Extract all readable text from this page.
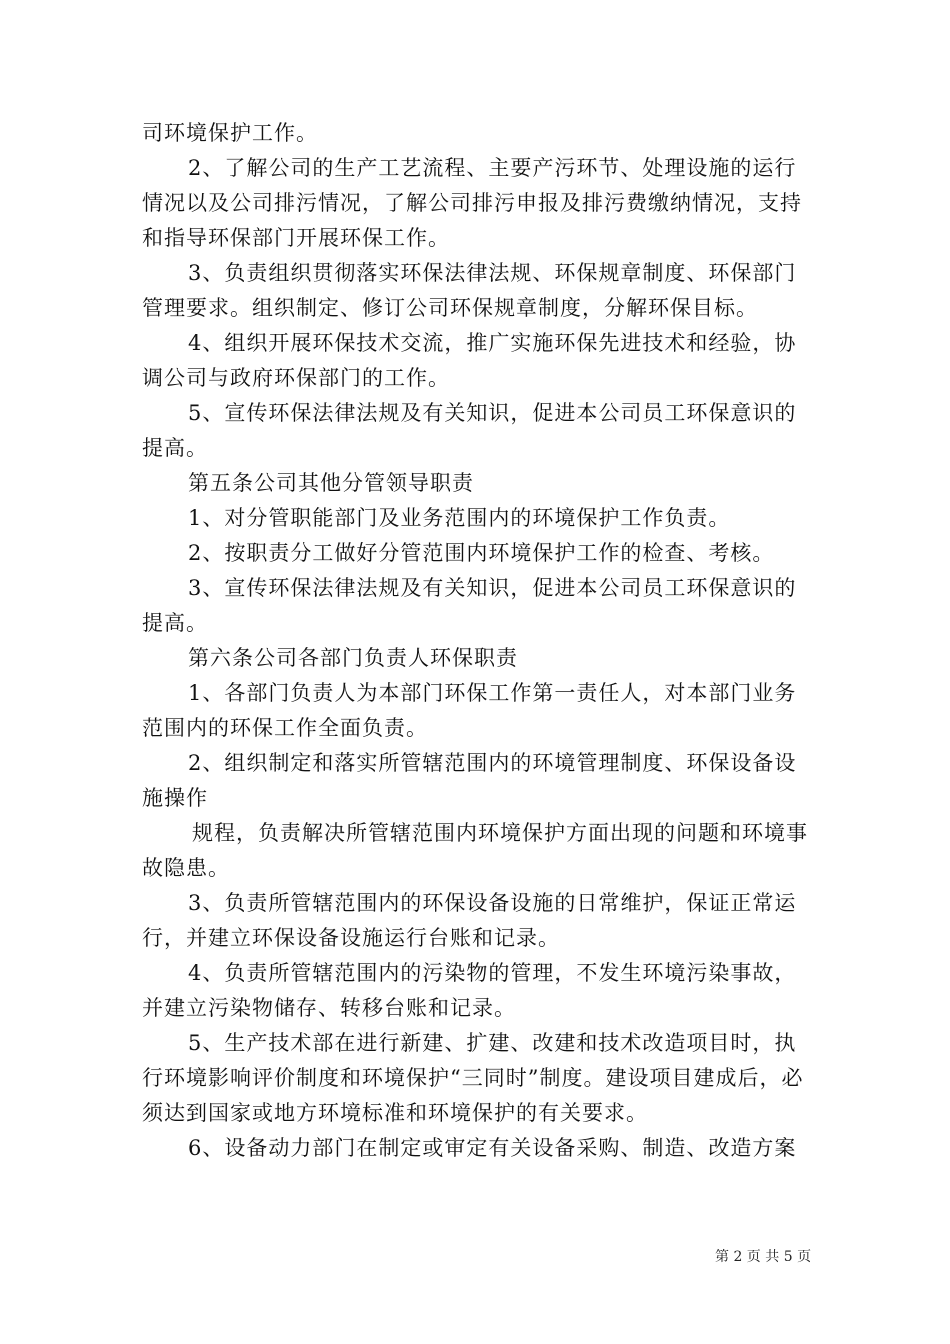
司环境保护工作。

2、了解公司的生产工艺流程、主要产污环节、处理设施的运行情况以及公司排污情况，了解公司排污申报及排污费缴纳情况，支持和指导环保部门开展环保工作。

3、负责组织贯彻落实环保法律法规、环保规章制度、环保部门管理要求。组织制定、修订公司环保规章制度，分解环保目标。

4、组织开展环保技术交流，推广实施环保先进技术和经验，协调公司与政府环保部门的工作。

5、宣传环保法律法规及有关知识，促进本公司员工环保意识的提高。

第五条公司其他分管领导职责

1、对分管职能部门及业务范围内的环境保护工作负责。

2、按职责分工做好分管范围内环境保护工作的检查、考核。

3、宣传环保法律法规及有关知识，促进本公司员工环保意识的提高。

第六条公司各部门负责人环保职责

1、各部门负责人为本部门环保工作第一责任人，对本部门业务范围内的环保工作全面负责。

2、组织制定和落实所管辖范围内的环境管理制度、环保设备设施操作

规程，负责解决所管辖范围内环境保护方面出现的问题和环境事故隐患。

3、负责所管辖范围内的环保设备设施的日常维护，保证正常运行，并建立环保设备设施运行台账和记录。

4、负责所管辖范围内的污染物的管理，不发生环境污染事故，并建立污染物储存、转移台账和记录。

5、生产技术部在进行新建、扩建、改建和技术改造项目时，执行环境影响评价制度和环境保护“三同时”制度。建设项目建成后，必须达到国家或地方环境标准和环境保护的有关要求。

6、设备动力部门在制定或审定有关设备采购、制造、改造方案

第 2 页 共 5 页
